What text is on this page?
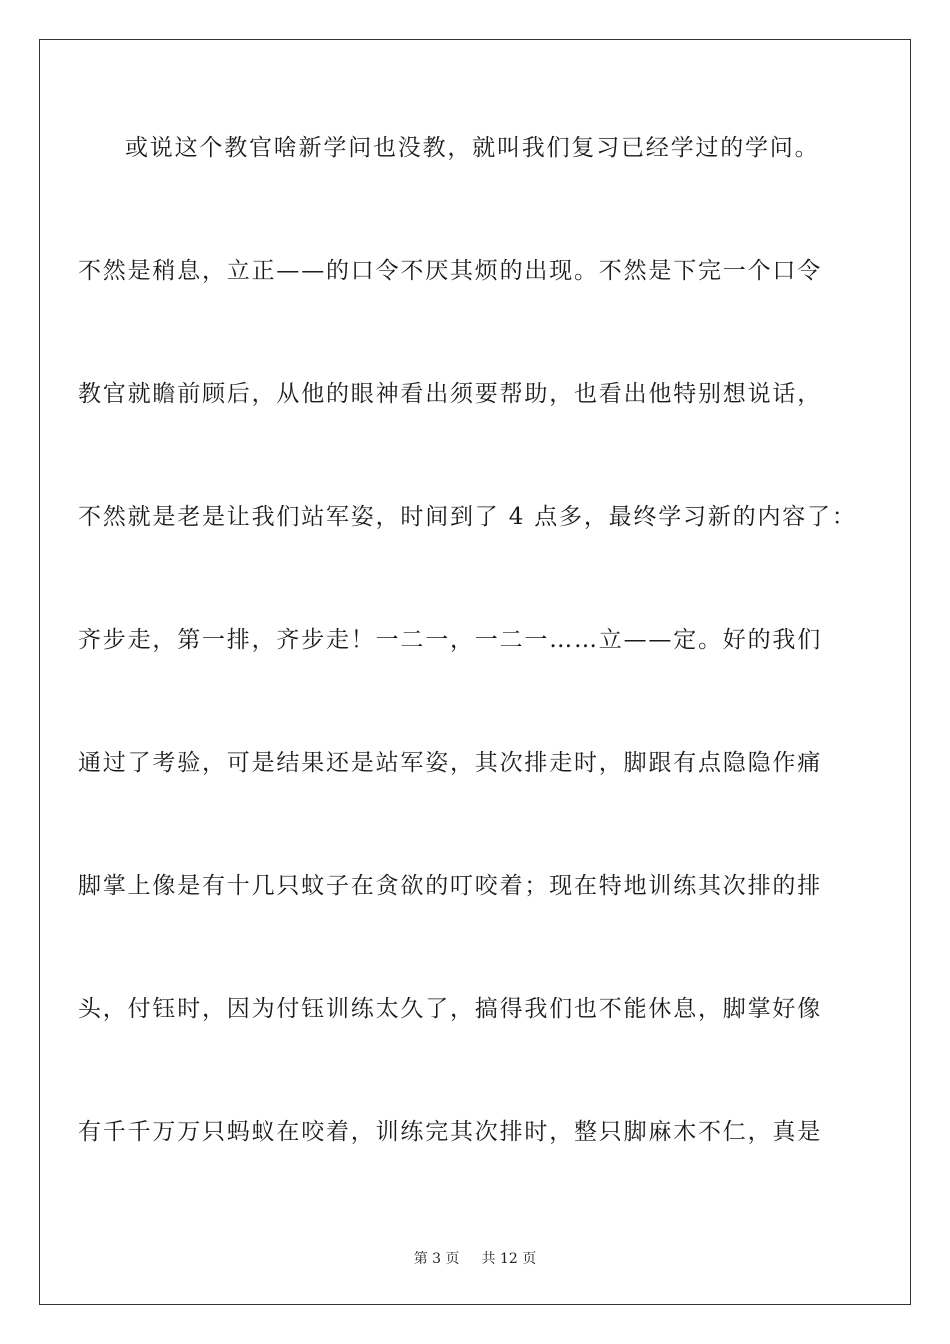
或说这个教官啥新学问也没教，就叫我们复习已经学过的学问。
不然是稍息，立正——的口令不厌其烦的出现。不然是下完一个口令
教官就瞻前顾后，从他的眼神看出须要帮助，也看出他特别想说话，
不然就是老是让我们站军姿，时间到了 4 点多，最终学习新的内容了：
齐步走，第一排，齐步走！一二一，一二一……立——定。好的我们
通过了考验，可是结果还是站军姿，其次排走时，脚跟有点隐隐作痛
脚掌上像是有十几只蚊子在贪欲的叮咬着；现在特地训练其次排的排
头，付钰时，因为付钰训练太久了，搞得我们也不能休息，脚掌好像
有千千万万只蚂蚁在咬着，训练完其次排时，整只脚麻木不仁，真是
第 3 页 共 12 页
